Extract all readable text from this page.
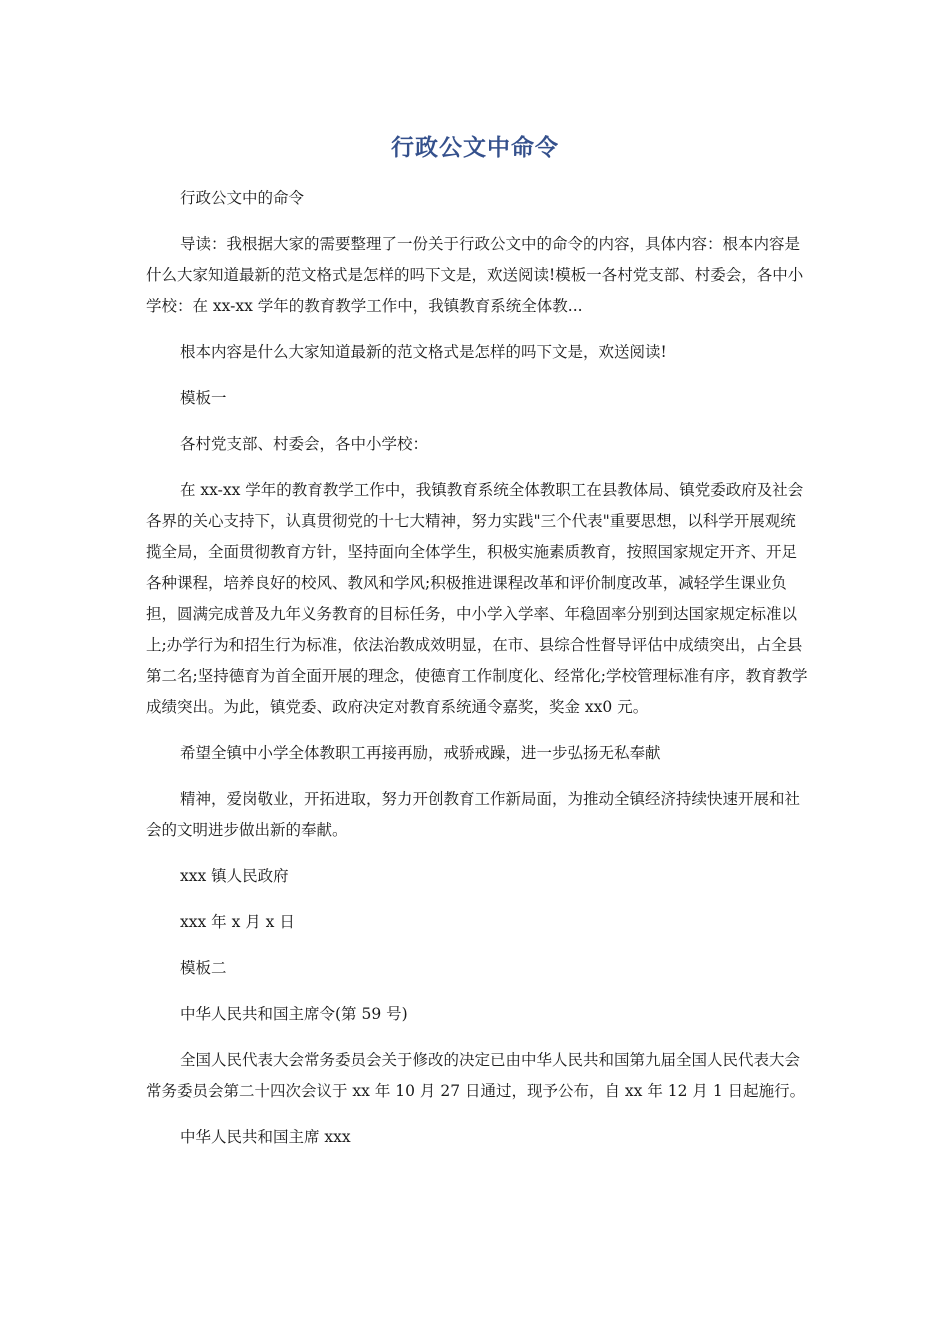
行政公文中命令

行政公文中的命令

导读：我根据大家的需要整理了一份关于行政公文中的命令的内容，具体内容：根本内容是什么大家知道最新的范文格式是怎样的吗下文是，欢送阅读!模板一各村党支部、村委会，各中小学校：在 xx-xx 学年的教育教学工作中，我镇教育系统全体教...

根本内容是什么大家知道最新的范文格式是怎样的吗下文是，欢送阅读!

模板一

各村党支部、村委会，各中小学校：

在 xx-xx 学年的教育教学工作中，我镇教育系统全体教职工在县教体局、镇党委政府及社会各界的关心支持下，认真贯彻党的十七大精神，努力实践"三个代表"重要思想，以科学开展观统揽全局，全面贯彻教育方针，坚持面向全体学生，积极实施素质教育，按照国家规定开齐、开足各种课程，培养良好的校风、教风和学风;积极推进课程改革和评价制度改革，减轻学生课业负担，圆满完成普及九年义务教育的目标任务，中小学入学率、年稳固率分别到达国家规定标准以上;办学行为和招生行为标准，依法治教成效明显，在市、县综合性督导评估中成绩突出，占全县第二名;坚持德育为首全面开展的理念，使德育工作制度化、经常化;学校管理标准有序，教育教学成绩突出。为此，镇党委、政府决定对教育系统通令嘉奖，奖金 xx0 元。

希望全镇中小学全体教职工再接再励，戒骄戒躁，进一步弘扬无私奉献

精神，爱岗敬业，开拓进取，努力开创教育工作新局面，为推动全镇经济持续快速开展和社会的文明进步做出新的奉献。

xxx 镇人民政府

xxx 年 x 月 x 日

模板二

中华人民共和国主席令(第 59 号)

全国人民代表大会常务委员会关于修改的决定已由中华人民共和国第九届全国人民代表大会常务委员会第二十四次会议于 xx 年 10 月 27 日通过，现予公布，自 xx 年 12 月 1 日起施行。

中华人民共和国主席 xxx
